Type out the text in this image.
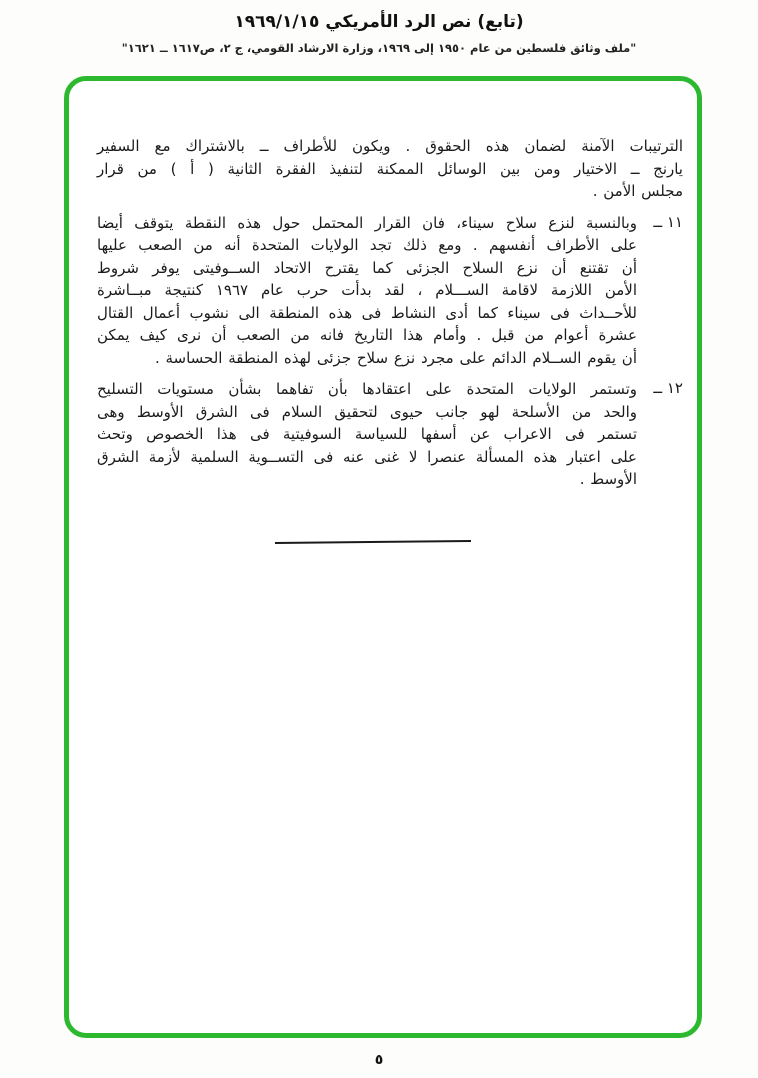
(تابع) نص الرد الأمريكي ١٩٦٩/١/١٥
"ملف وثائق فلسطين من عام ١٩٥٠ إلى ١٩٦٩، وزارة الارشاد القومي، ج ٢، ص١٦١٧ ــ ١٦٢١"
الترتيبات الآمنة لضمان هذه الحقوق . ويكون للأطراف ــ بالاشتراك مع السفير
يارنج ــ الاختيار ومن بين الوسائل الممكنة لتنفيذ الفقرة الثانية ( أ ) من قرار
مجلس الأمن .
١١ ــ
وبالنسبة لنزع سلاح سيناء، فان القرار المحتمل حول هذه النقطة يتوقف أيضا
على الأطراف أنفسهم . ومع ذلك تجد الولايات المتحدة أنه من الصعب عليها
أن تقتنع أن نزع السلاح الجزئى كما يقترح الاتحاد الســوفيتى يوفر شروط
الأمن اللازمة لاقامة الســـلام ، لقد بدأت حرب عام ١٩٦٧ كنتيجة مبــاشرة
للأحــداث فى سيناء كما أدى النشاط فى هذه المنطقة الى نشوب أعمال القتال
عشرة أعوام من قبل . وأمام هذا التاريخ فانه من الصعب أن نرى كيف يمكن
أن يقوم الســلام الدائم على مجرد نزع سلاح جزئى لهذه المنطقة الحساسة .
١٢ ــ
وتستمر الولايات المتحدة على اعتقادها بأن تفاهما بشأن مستويات التسليح
والحد من الأسلحة لهو جانب حيوى لتحقيق السلام فى الشرق الأوسط وهى
تستمر فى الاعراب عن أسفها للسياسة السوفيتية فى هذا الخصوص وتحث
على اعتبار هذه المسألة عنصرا لا غنى عنه فى التســوية السلمية لأزمة الشرق
الأوسط .
٥
